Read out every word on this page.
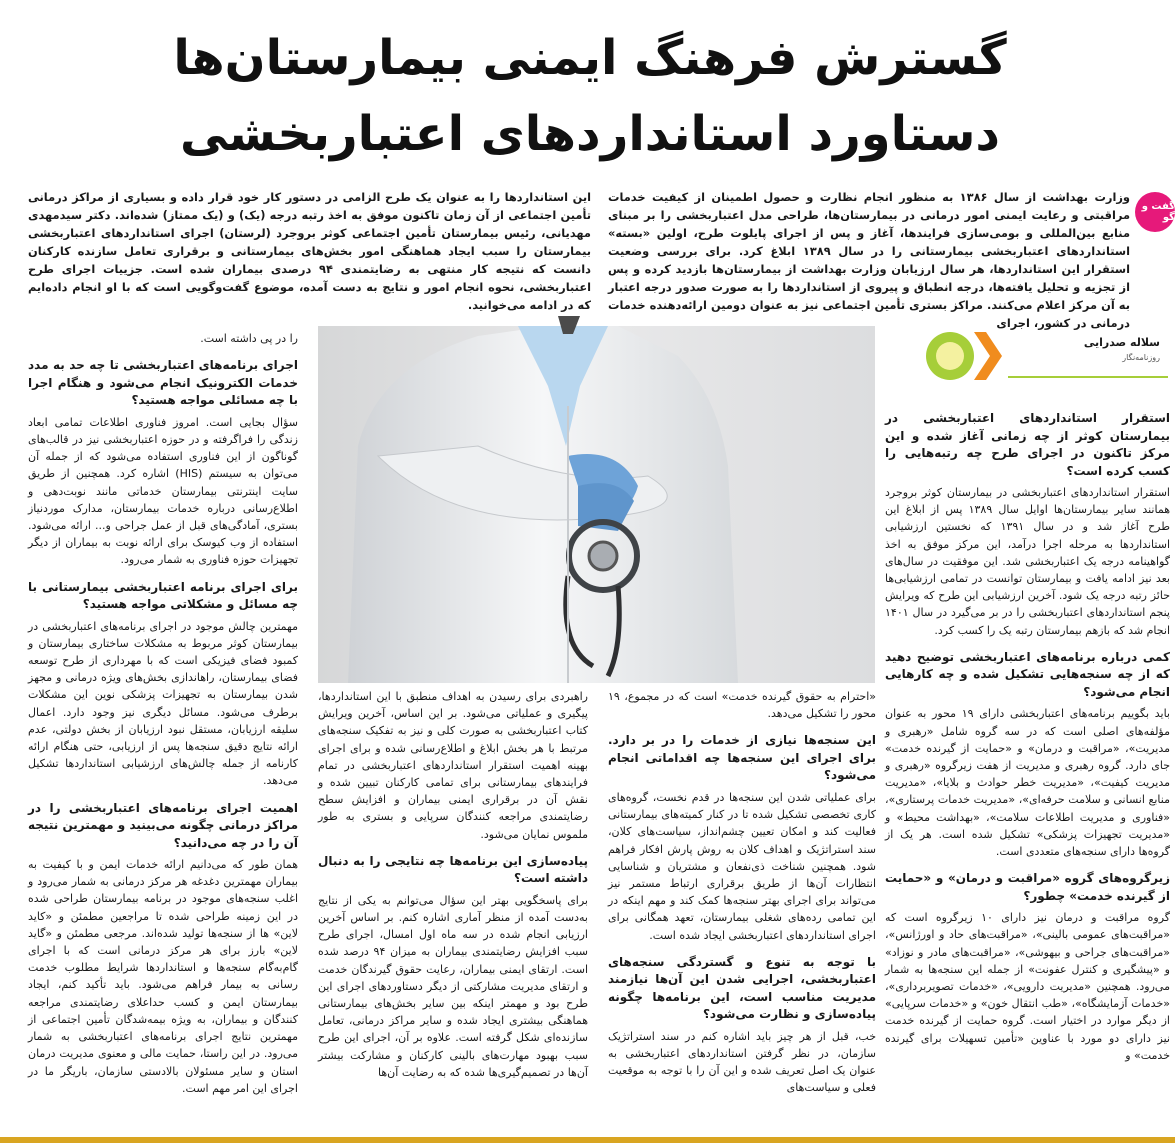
گسترش فرهنگ ایمنی بیمارستان‌ها
دستاورد استانداردهای اعتباربخشی
گفت و گو
وزارت بهداشت از سال ۱۳۸۶ به منظور انجام نظارت و حصول اطمینان از کیفیت خدمات مراقبتی و رعایت ایمنی امور درمانی در بیمارستان‌ها، طراحی مدل اعتباربخشی را بر مبنای منابع بین‌المللی و بومی‌سازی فرایندها، آغاز و پس از اجرای پایلوت طرح، اولین «بسته» استانداردهای اعتباربخشی بیمارستانی را در سال ۱۳۸۹ ابلاغ کرد. برای بررسی وضعیت استقرار این استانداردها، هر سال ارزیابان وزارت بهداشت از بیمارستان‌ها بازدید کرده و پس از تجزیه و تحلیل یافته‌ها، درجه انطباق و پیروی از استانداردها را به صورت صدور درجه اعتبار به آن مرکز اعلام می‌کنند. مراکز بستری تأمین اجتماعی نیز به عنوان دومین ارائه‌دهنده خدمات درمانی در کشور، اجرای
این استانداردها را به عنوان یک طرح الزامی در دستور کار خود قرار داده و بسیاری از مراکز درمانی تأمین اجتماعی از آن زمان تاکنون موفق به اخذ رتبه درجه (یک) و (یک ممتاز) شده‌اند. دکتر سیدمهدی مهدیانی، رئیس بیمارستان تأمین اجتماعی کوثر بروجرد (لرستان) اجرای استانداردهای اعتباربخشی بیمارستان را سبب ایجاد هماهنگی امور بخش‌های بیمارستانی و برقراری تعامل سازنده کارکنان دانست که نتیجه کار منتهی به رضایتمندی ۹۴ درصدی بیماران شده است. جزییات اجرای طرح اعتباربخشی، نحوه انجام امور و نتایج به دست آمده، موضوع گفت‌وگویی است که با او انجام داده‌ایم که در ادامه می‌خوانید.
سلاله صدرایی
روزنامه‌نگار
استقرار استانداردهای اعتباربخشی در بیمارستان کوثر از چه زمانی آغاز شده و این مرکز تاکنون در اجرای طرح چه رتبه‌هایی را کسب کرده است؟

استقرار استانداردهای اعتباربخشی در بیمارستان کوثر بروجرد همانند سایر بیمارستان‌ها اوایل سال ۱۳۸۹ پس از ابلاغ این طرح آغاز شد و در سال ۱۳۹۱ که نخستین ارزشیابی استانداردها به مرحله اجرا درآمد، این مرکز موفق به اخذ گواهینامه درجه یک اعتباربخشی شد. این موفقیت در سال‌های بعد نیز ادامه یافت و بیمارستان توانست در تمامی ارزشیابی‌ها حائز رتبه درجه یک شود. آخرین ارزشیابی این طرح که ویرایش پنجم استانداردهای اعتباربخشی را در بر می‌گیرد در سال ۱۴۰۱ انجام شد که بازهم بیمارستان رتبه یک را کسب کرد.

کمی درباره برنامه‌های اعتباربخشی توضیح دهید که از چه سنجه‌هایی تشکیل شده و چه کارهایی انجام می‌شود؟

باید بگوییم برنامه‌های اعتباربخشی دارای ۱۹ محور به عنوان مؤلفه‌های اصلی است که در سه گروه شامل «رهبری و مدیریت»، «مراقبت و درمان» و «حمایت از گیرنده خدمت» جای دارد. گروه رهبری و مدیریت از هفت زیرگروه «رهبری و مدیریت کیفیت»، «مدیریت خطر حوادث و بلایا»، «مدیریت منابع انسانی و سلامت حرفه‌ای»، «مدیریت خدمات پرستاری»، «فناوری و مدیریت اطلاعات سلامت»، «بهداشت محیط» و «مدیریت تجهیزات پزشکی» تشکیل شده است. هر یک از گروه‌ها دارای سنجه‌های متعددی است.

زیرگروه‌های گروه «مراقبت و درمان» و «حمایت از گیرنده خدمت» چطور؟

گروه مراقبت و درمان نیز دارای ۱۰ زیرگروه است که «مراقبت‌های عمومی بالینی»، «مراقبت‌های حاد و اورژانس»، «مراقبت‌های جراحی و بیهوشی»، «مراقبت‌های مادر و نوزاد» و «پیشگیری و کنترل عفونت» از جمله این سنجه‌ها به شمار می‌رود. همچنین «مدیریت دارویی»، «خدمات تصویربرداری»، «خدمات آزمایشگاه»، «طب انتقال خون» و «خدمات سرپایی» از دیگر موارد در اختیار است. گروه حمایت از گیرنده خدمت نیز دارای دو مورد با عناوین «تأمین تسهیلات برای گیرنده خدمت» و

«احترام به حقوق گیرنده خدمت» است که در مجموع، ۱۹ محور را تشکیل می‌دهد.

این سنجه‌ها نیازی از خدمات را در بر دارد. برای اجرای این سنجه‌ها چه اقداماتی انجام می‌شود؟

برای عملیاتی شدن این سنجه‌ها در قدم نخست، گروه‌های کاری تخصصی تشکیل شده تا در کنار کمیته‌های بیمارستانی فعالیت کند و امکان تعیین چشم‌انداز، سیاست‌های کلان، سند استراتژیک و اهداف کلان به روش پارش افکار فراهم شود. همچنین شناخت ذی‌نفعان و مشتریان و شناسایی انتظارات آن‌ها از طریق برقراری ارتباط مستمر نیز می‌تواند برای اجرای بهتر سنجه‌ها کمک کند و مهم اینکه در این تمامی رده‌های شغلی بیمارستان، تعهد همگانی برای اجرای استانداردهای اعتباربخشی ایجاد شده است.

با توجه به تنوع و گستردگی سنجه‌های اعتباربخشی، اجرایی شدن این آن‌ها نیازمند مدیریت مناسب است، این برنامه‌ها چگونه پیاده‌سازی و نظارت می‌شود؟

خب، قبل از هر چیز باید اشاره کنم در سند استراتژیک سازمان، در نظر گرفتن استانداردهای اعتباربخشی به عنوان یک اصل تعریف شده و این آن را با توجه به موقعیت فعلی و سیاست‌های

راهبردی برای رسیدن به اهداف منطبق با این استانداردها، پیگیری و عملیاتی می‌شود. بر این اساس، آخرین ویرایش کتاب اعتباربخشی به صورت کلی و نیز به تفکیک سنجه‌های مرتبط با هر بخش ابلاغ و اطلاع‌رسانی شده و برای اجرای بهینه اهمیت استقرار استانداردهای اعتباربخشی در تمام فرایندهای بیمارستانی برای تمامی کارکنان تبیین شده و نقش آن در برقراری ایمنی بیماران و افزایش سطح رضایتمندی مراجعه کنندگان سرپایی و بستری به طور ملموس نمایان می‌شود.

پیاده‌سازی این برنامه‌ها چه نتایجی را به دنبال داشته است؟

برای پاسخگویی بهتر این سؤال می‌توانم به یکی از نتایج به‌دست آمده از منظر آماری اشاره کنم. بر اساس آخرین ارزیابی انجام شده در سه ماه اول امسال، اجرای طرح سبب افزایش رضایتمندی بیماران به میزان ۹۴ درصد شده است. ارتقای ایمنی بیماران، رعایت حقوق گیرندگان خدمت و ارتقای مدیریت مشارکتی از دیگر دستاوردهای اجرای این طرح بود و مهمتر اینکه بین سایر بخش‌های بیمارستانی هماهنگی بیشتری ایجاد شده و سایر مراکز درمانی، تعامل سازنده‌ای شکل گرفته است. علاوه بر آن، اجرای این طرح سبب بهبود مهارت‌های بالینی کارکنان و مشارکت بیشتر آن‌ها در تصمیم‌گیری‌ها شده که به رضایت آن‌ها

را در پی داشته است.

اجرای برنامه‌های اعتباربخشی تا چه حد به مدد خدمات الکترونیک انجام می‌شود و هنگام اجرا با چه مسائلی مواجه هستید؟

سؤال بجایی است. امروز فناوری اطلاعات تمامی ابعاد زندگی را فراگرفته و در حوزه اعتباربخشی نیز در قالب‌های گوناگون از این فناوری استفاده می‌شود که از جمله آن می‌توان به سیستم (HIS) اشاره کرد. همچنین از طریق سایت اینترنتی بیمارستان خدماتی مانند نوبت‌دهی و اطلاع‌رسانی درباره خدمات بیمارستان، مدارک موردنیاز بستری، آمادگی‌های قبل از عمل جراحی و... ارائه می‌شود. استفاده از وب کیوسک برای ارائه نوبت به بیماران از دیگر تجهیزات حوزه فناوری به شمار می‌رود.

برای اجرای برنامه اعتباربخشی بیمارستانی با چه مسائل و مشکلاتی مواجه هستید؟

مهمترین چالش موجود در اجرای برنامه‌های اعتباربخشی در بیمارستان کوثر مربوط به مشکلات ساختاری بیمارستان و کمبود فضای فیزیکی است که با مهرداری از طرح توسعه فضای بیمارستان، راهاندازی بخش‌های ویژه درمانی و مجهز شدن بیمارستان به تجهیزات پزشکی نوین این مشکلات برطرف می‌شود. مسائل دیگری نیز وجود دارد. اعمال سلیقه ارزیابان، مستقل نبود ارزیابان از بخش دولتی، عدم ارائه نتایج دقیق سنجه‌ها پس از ارزیابی، حتی هنگام ارائه کارنامه از جمله چالش‌های ارزشیابی استانداردها تشکیل می‌دهد.

اهمیت اجرای برنامه‌های اعتباربخشی را در مراکز درمانی چگونه می‌بینید و مهمترین نتیجه آن را در چه می‌دانید؟

همان طور که می‌دانیم ارائه خدمات ایمن و با کیفیت به بیماران مهمترین دغدغه هر مرکز درمانی به شمار می‌رود و اغلب سنجه‌های موجود در برنامه بیمارستان طراحی شده در این زمینه طراحی شده تا مراجعین مطمئن و «کاید لاین» ها از سنجه‌ها تولید شده‌اند. مرجعی مطمئن و «گاید لاین» بارز برای هر مرکز درمانی است که با اجرای گام‌به‌گام سنجه‌ها و استانداردها شرایط مطلوب خدمت رسانی به بیمار فراهم می‌شود. باید تأکید کنم، ایجاد بیمارستان ایمن و کسب حداعلای رضایتمندی مراجعه کنندگان و بیماران، به ویژه بیمه‌شدگان تأمین اجتماعی از مهمترین نتایج اجرای برنامه‌های اعتباربخشی به شمار می‌رود. در این راستا، حمایت مالی و معنوی مدیریت درمان استان و سایر مسئولان بالادستی سازمان، باریگر ما در اجرای این امر مهم است.
